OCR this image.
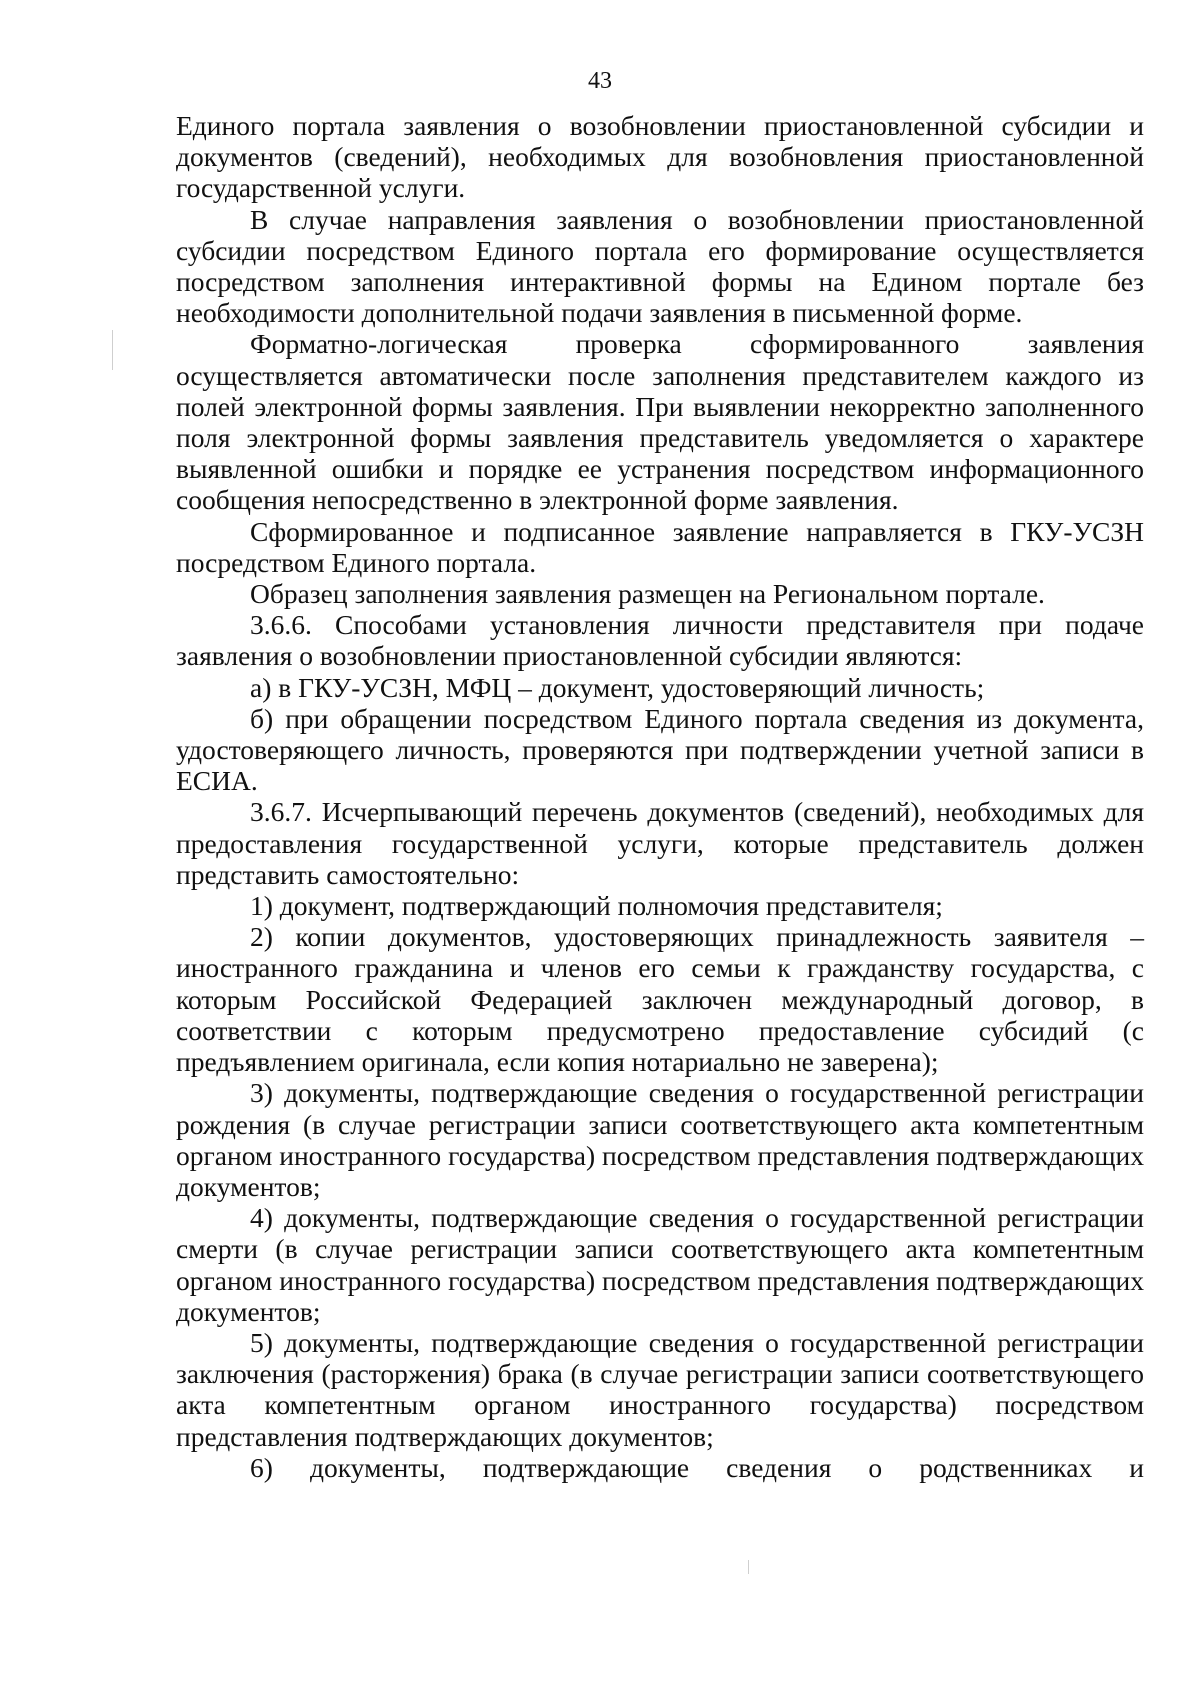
43

Единого портала заявления о возобновлении приостановленной субсидии и документов (сведений), необходимых для возобновления приостановленной государственной услуги.

В случае направления заявления о возобновлении приостановленной субсидии посредством Единого портала его формирование осуществляется посредством заполнения интерактивной формы на Едином портале без необходимости дополнительной подачи заявления в письменной форме.

Форматно-логическая проверка сформированного заявления осуществляется автоматически после заполнения представителем каждого из полей электронной формы заявления. При выявлении некорректно заполненного поля электронной формы заявления представитель уведомляется о характере выявленной ошибки и порядке ее устранения посредством информационного сообщения непосредственно в электронной форме заявления.

Сформированное и подписанное заявление направляется в ГКУ-УСЗН посредством Единого портала.

Образец заполнения заявления размещен на Региональном портале.

3.6.6. Способами установления личности представителя при подаче заявления о возобновлении приостановленной субсидии являются:

а) в ГКУ-УСЗН, МФЦ – документ, удостоверяющий личность;

б) при обращении посредством Единого портала сведения из документа, удостоверяющего личность, проверяются при подтверждении учетной записи в ЕСИА.

3.6.7. Исчерпывающий перечень документов (сведений), необходимых для предоставления государственной услуги, которые представитель должен представить самостоятельно:

1) документ, подтверждающий полномочия представителя;

2) копии документов, удостоверяющих принадлежность заявителя – иностранного гражданина и членов его семьи к гражданству государства, с которым Российской Федерацией заключен международный договор, в соответствии с которым предусмотрено предоставление субсидий (с предъявлением оригинала, если копия нотариально не заверена);

3) документы, подтверждающие сведения о государственной регистрации рождения (в случае регистрации записи соответствующего акта компетентным органом иностранного государства) посредством представления подтверждающих документов;

4) документы, подтверждающие сведения о государственной регистрации смерти (в случае регистрации записи соответствующего акта компетентным органом иностранного государства) посредством представления подтверждающих документов;

5) документы, подтверждающие сведения о государственной регистрации заключения (расторжения) брака (в случае регистрации записи соответствующего акта компетентным органом иностранного государства) посредством представления подтверждающих документов;

6) документы, подтверждающие сведения о родственниках и
